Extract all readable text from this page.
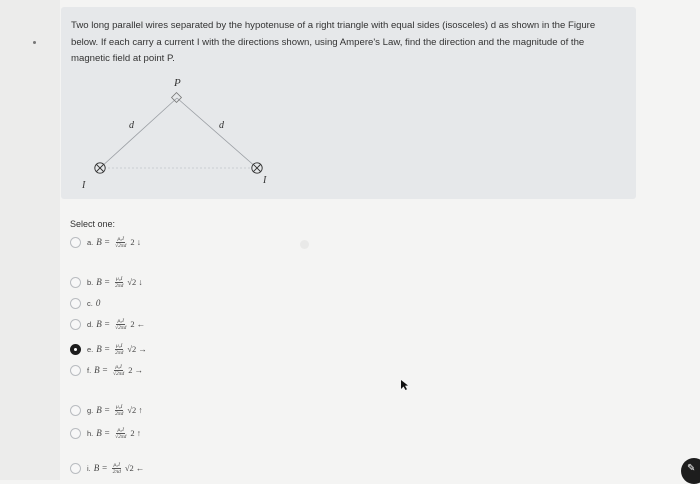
Two long parallel wires separated by the hypotenuse of a right triangle with equal sides (isosceles) d as shown in the Figure
below. If each carry a current I with the directions shown, using Ampere's Law, find the direction and the magnitude of the
magnetic field at point P.
P
d	d
I	I
Select one:
a. $B = \frac{\text{μ₀I}}{√2\pi d} 2$ ↓
b. $B = \frac{\text{μ₀I}}{2\pi d} √2$ ↓
c. 0
d. $B = \frac{\text{μ₀I}}{√2\pi d} 2$ ←
e. $B = \frac{\text{μ₀I}}{2\pi d} √2$ →
f. $B = \frac{\text{μ₀I}}{√2\pi d} 2$ →
g. $B = \frac{\text{μ₀I}}{2\pi d} √2$ ↑
h. $B = \frac{\text{μ₀I}}{√2\pi d} 2$ ↑
i. $B = \frac{\text{μ₀I}}{2\pi d} √2$ ←	✎
